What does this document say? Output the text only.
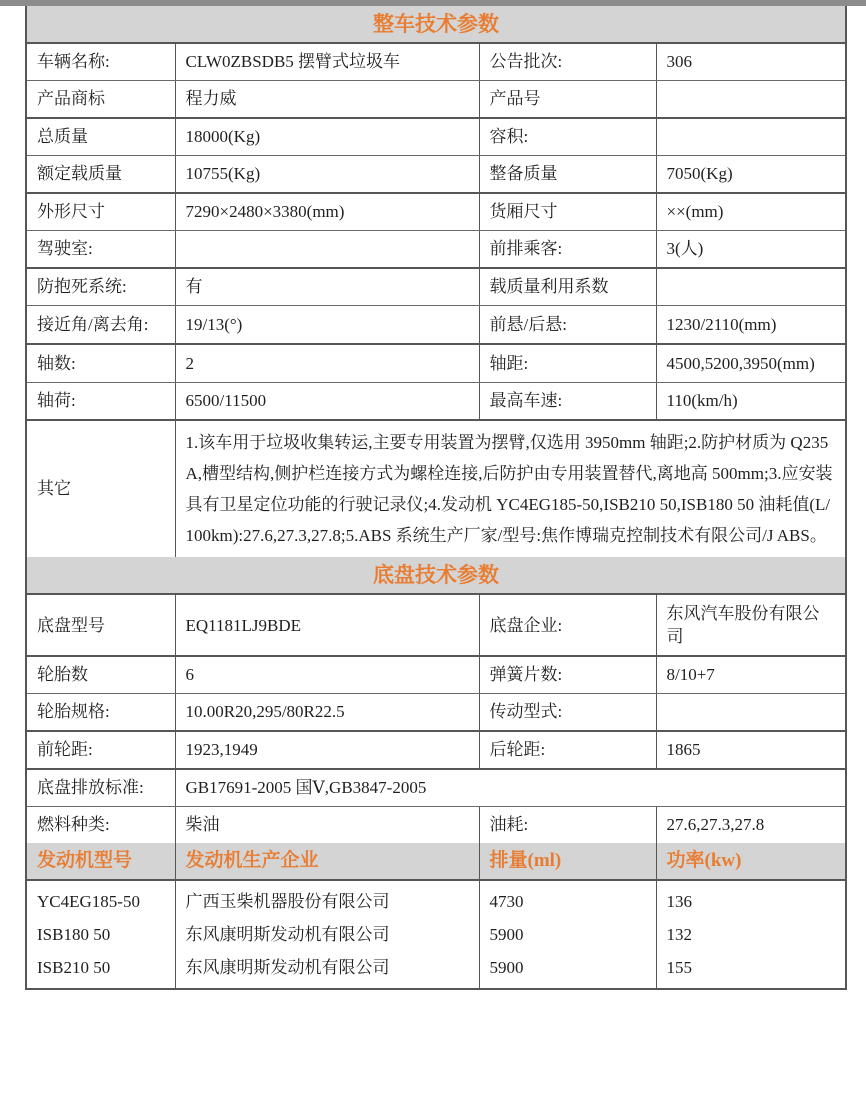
整车技术参数			
车辆名称:	CLW0ZBSDB5 摆臂式垃圾车	公告批次:	306
产品商标	程力威	产品号	
总质量	18000(Kg)	容积:	
额定载质量	10755(Kg)	整备质量	7050(Kg)
外形尺寸	7290×2480×3380(mm)	货厢尺寸	××(mm)
驾驶室:		前排乘客:	3(人)
防抱死系统:	有	载质量利用系数	
接近角/离去角:	19/13(°)	前悬/后悬:	1230/2110(mm)
轴数:	2	轴距:	4500,5200,3950(mm)
轴荷:	6500/11500	最高车速:	110(km/h)
其它	1.该车用于垃圾收集转运,主要专用装置为摆臂,仅选用 3950mm 轴距;2.防护材质为 Q235A,槽型结构,侧护栏连接方式为螺栓连接,后防护由专用装置替代,离地高 500mm;3.应安装具有卫星定位功能的行驶记录仪;4.发动机 YC4EG185-50,ISB210 50,ISB180 50 油耗值(L/100km):27.6,27.3,27.8;5.ABS 系统生产厂家/型号:焦作博瑞克控制技术有限公司/J ABS。		
底盘技术参数			
底盘型号	EQ1181LJ9BDE	底盘企业:	东风汽车股份有限公司
轮胎数	6	弹簧片数:	8/10+7
轮胎规格:	10.00R20,295/80R22.5	传动型式:	
前轮距:	1923,1949	后轮距:	1865
底盘排放标准:	GB17691-2005 国Ⅴ,GB3847-2005		
燃料种类:	柴油	油耗:	27.6,27.3,27.8
发动机型号	发动机生产企业	排量(ml)	功率(kw)
YC4EG185-50	广西玉柴机器股份有限公司	4730	136
ISB180 50	东风康明斯发动机有限公司	5900	132
ISB210 50	东风康明斯发动机有限公司	5900	155
